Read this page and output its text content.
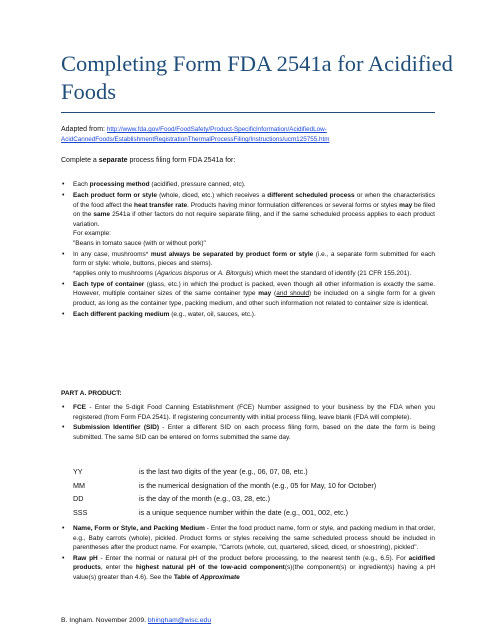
Completing Form FDA 2541a for Acidified Foods
Adapted from: http://www.fda.gov/Food/FoodSafety/Product-SpecificInformation/AcidifiedLow-
AcidCannedFoods/EstablishmentRegistrationThermalProcessFiling/Instructions/ucm125755.htm
Complete a separate process filing form FDA 2541a for:
• Each processing method (acidified, pressure canned, etc).
• Each product form or style (whole, diced, etc.) which receives a different scheduled process or when the characteristics of the food affect the heat transfer rate. Products having minor formulation differences or several forms or styles may be filed on the same 2541a if other factors do not require separate filing, and if the same scheduled process applies to each product variation.
For example:
"Beans in tomato sauce (with or without pork)"
• In any case, mushrooms* must always be separated by product form or style (i.e., a separate form submitted for each form or style: whole, buttons, pieces and stems).
*applies only to mushrooms (Agaricus bisporus or A. Bitorguis) which meet the standard of identify (21 CFR 155.201).
• Each type of container (glass, etc.) in which the product is packed, even though all other information is exactly the same. However, multiple container sizes of the same container type may (and should) be included on a single form for a given product, as long as the container type, packing medium, and other such information not related to container size is identical.
• Each different packing medium (e.g., water, oil, sauces, etc.).
PART A. PRODUCT:
• FCE - Enter the 5-digit Food Canning Establishment (FCE) Number assigned to your business by the FDA when you registered (from Form FDA 2541). If registering concurrently with initial process filing, leave blank (FDA will complete).
• Submission Identifier (SID) - Enter a different SID on each process filing form, based on the date the form is being submitted. The same SID can be entered on forms submitted the same day.
YY	is the last two digits of the year (e.g., 06, 07, 08, etc.)
MM	is the numerical designation of the month (e.g., 05 for May, 10 for October)
DD	is the day of the month (e.g., 03, 28, etc.)
SSS	is a unique sequence number within the date (e.g., 001, 002, etc.)
• Name, Form or Style, and Packing Medium - Enter the food product name, form or style, and packing medium in that order, e.g., Baby carrots (whole), pickled. Product forms or styles receiving the same scheduled process should be included in parentheses after the product name. For example, "Carrots (whole, cut, quartered, sliced, diced, or shoestring), pickled".
• Raw pH - Enter the normal or natural pH of the product before processing, to the nearest tenth (e.g., 6.5). For acidified products, enter the highest natural pH of the low-acid component(s)(the component(s) or ingredient(s) having a pH value(s) greater than 4.6). See the Table of Approximate
B. Ingham. November 2009. bhingham@wisc.edu
